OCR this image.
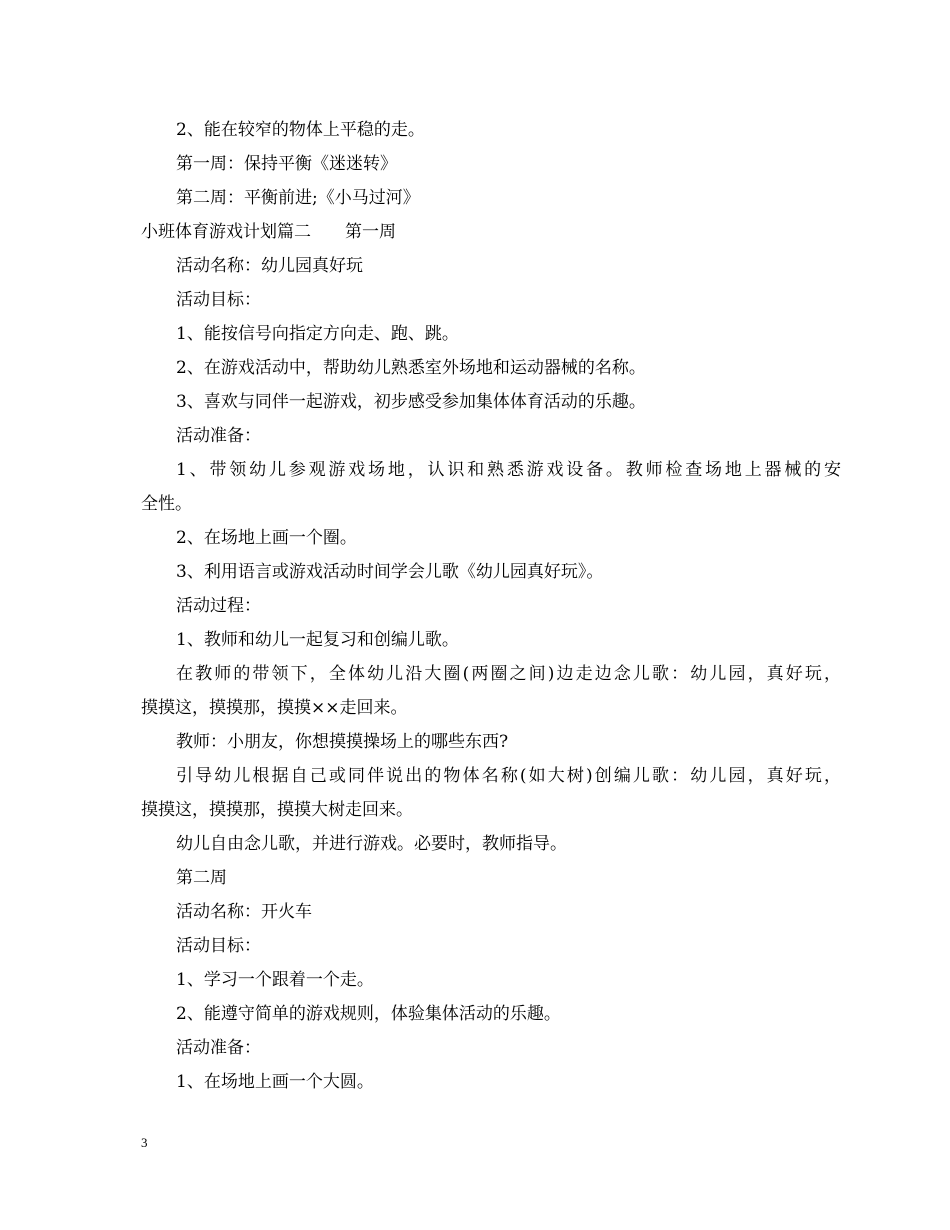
2、能在较窄的物体上平稳的走。
第一周：保持平衡《迷迷转》
第二周：平衡前进;《小马过河》
小班体育游戏计划篇二　　第一周
活动名称：幼儿园真好玩
活动目标：
1、能按信号向指定方向走、跑、跳。
2、在游戏活动中，帮助幼儿熟悉室外场地和运动器械的名称。
3、喜欢与同伴一起游戏，初步感受参加集体体育活动的乐趣。
活动准备：
1、带领幼儿参观游戏场地，认识和熟悉游戏设备。教师检查场地上器械的安
全性。
2、在场地上画一个圈。
3、利用语言或游戏活动时间学会儿歌《幼儿园真好玩》。
活动过程：
1、教师和幼儿一起复习和创编儿歌。
在教师的带领下，全体幼儿沿大圈(两圈之间)边走边念儿歌：幼儿园，真好玩，
摸摸这，摸摸那，摸摸××走回来。
教师：小朋友，你想摸摸操场上的哪些东西?
引导幼儿根据自己或同伴说出的物体名称(如大树)创编儿歌：幼儿园，真好玩，
摸摸这，摸摸那，摸摸大树走回来。
幼儿自由念儿歌，并进行游戏。必要时，教师指导。
第二周
活动名称：开火车
活动目标：
1、学习一个跟着一个走。
2、能遵守简单的游戏规则，体验集体活动的乐趣。
活动准备：
1、在场地上画一个大圆。
3
